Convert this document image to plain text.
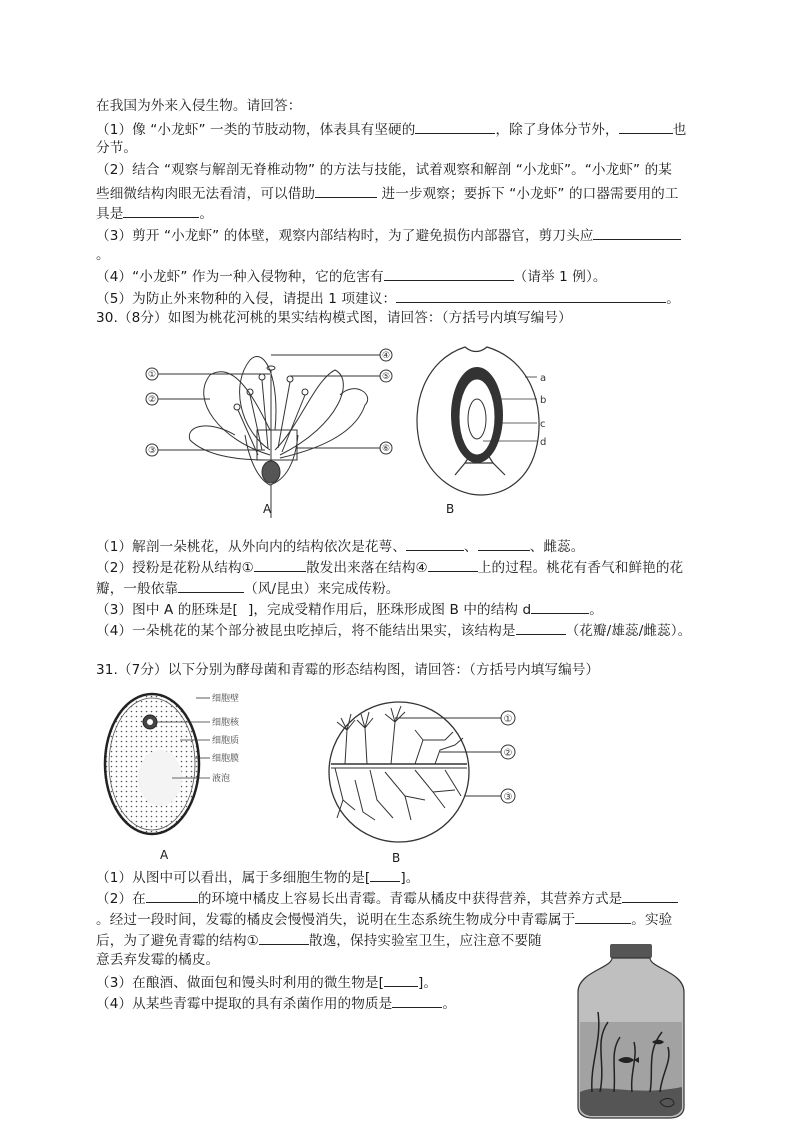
在我国为外来入侵生物。请回答：
（1）像 “小龙虾” 一类的节肢动物，体表具有坚硬的	，除了身体分节外，	也
分节。
（2）结合 “观察与解剖无脊椎动物” 的方法与技能，试着观察和解剖 “小龙虾”。“小龙虾” 的某
些细微结构肉眼无法看清，可以借助	进一步观察；要拆下 “小龙虾” 的口器需要用的工
具是	。
（3）剪开 “小龙虾” 的体壁，观察内部结构时，为了避免损伤内部器官，剪刀头应
。
（4）“小龙虾” 作为一种入侵物种，它的危害有	（请举 1 例）。
（5）为防止外来物种的入侵，请提出 1 项建议：	。
30.（8分）如图为桃花河桃的果实结构模式图，请回答：（方括号内填写编号）
①
②
③
④
⑤
⑥
A
a
b
c
d
B
（1）解剖一朵桃花，从外向内的结构依次是花萼、	、	、雌蕊。
（2）授粉是花粉从结构①	散发出来落在结构④	上的过程。桃花有香气和鲜艳的花
瓣，一般依靠	（风/昆虫）来完成传粉。
（3）图中 A 的胚珠是[ ]，完成受精作用后，胚珠形成图 B 中的结构 d	。
（4）一朵桃花的某个部分被昆虫吃掉后，将不能结出果实，该结构是	（花瓣/雄蕊/雌蕊）。
31.（7分）以下分别为酵母菌和青霉的形态结构图，请回答：（方括号内填写编号）
细胞壁
细胞核
细胞质
细胞膜
液泡
A
①
②
③
B
（1）从图中可以看出，属于多细胞生物的是[ ]。
（2）在	的环境中橘皮上容易长出青霉。青霉从橘皮中获得营养，其营养方式是
。经过一段时间，发霉的橘皮会慢慢消失，说明在生态系统生物成分中青霉属于	。实验
后，为了避免青霉的结构①	散逸，保持实验室卫生，应注意不要随
意丢弃发霉的橘皮。
（3）在酿酒、做面包和馒头时利用的微生物是[	]。
（4）从某些青霉中提取的具有杀菌作用的物质是	。
